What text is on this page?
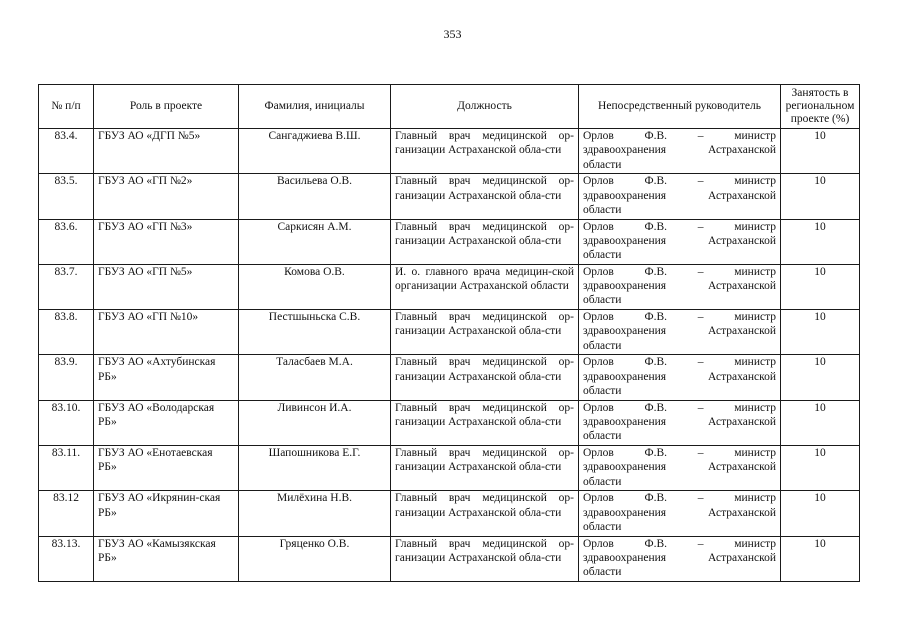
353
№ п/п	Роль в проекте	Фамилия, инициалы	Должность	Непосредственный руководитель	Занятость в региональном проекте (%)
83.4.	ГБУЗ АО «ДГП №5»	Сангаджиева В.Ш.	Главный врач медицинской ор-ганизации Астраханской обла-сти	Орлов Ф.В. – министр здравоохранения Астраханской области	10
83.5.	ГБУЗ АО «ГП №2»	Васильева О.В.	Главный врач медицинской ор-ганизации Астраханской обла-сти	Орлов Ф.В. – министр здравоохранения Астраханской области	10
83.6.	ГБУЗ АО «ГП №3»	Саркисян А.М.	Главный врач медицинской ор-ганизации Астраханской обла-сти	Орлов Ф.В. – министр здравоохранения Астраханской области	10
83.7.	ГБУЗ АО «ГП №5»	Комова О.В.	И. о. главного врача медицин-ской организации Астраханской области	Орлов Ф.В. – министр здравоохранения Астраханской области	10
83.8.	ГБУЗ АО «ГП №10»	Пестшыньска С.В.	Главный врач медицинской ор-ганизации Астраханской обла-сти	Орлов Ф.В. – министр здравоохранения Астраханской области	10
83.9.	ГБУЗ АО «Ахтубинская РБ»	Таласбаев М.А.	Главный врач медицинской ор-ганизации Астраханской обла-сти	Орлов Ф.В. – министр здравоохранения Астраханской области	10
83.10.	ГБУЗ АО «Володарская РБ»	Ливинсон И.А.	Главный врач медицинской ор-ганизации Астраханской обла-сти	Орлов Ф.В. – министр здравоохранения Астраханской области	10
83.11.	ГБУЗ АО «Енотаевская РБ»	Шапошникова Е.Г.	Главный врач медицинской ор-ганизации Астраханской обла-сти	Орлов Ф.В. – министр здравоохранения Астраханской области	10
83.12	ГБУЗ АО «Икрянин-ская РБ»	Милёхина Н.В.	Главный врач медицинской ор-ганизации Астраханской обла-сти	Орлов Ф.В. – министр здравоохранения Астраханской области	10
83.13.	ГБУЗ АО «Камызякская РБ»	Гряценко О.В.	Главный врач медицинской ор-ганизации Астраханской обла-сти	Орлов Ф.В. – министр здравоохранения Астраханской области	10
